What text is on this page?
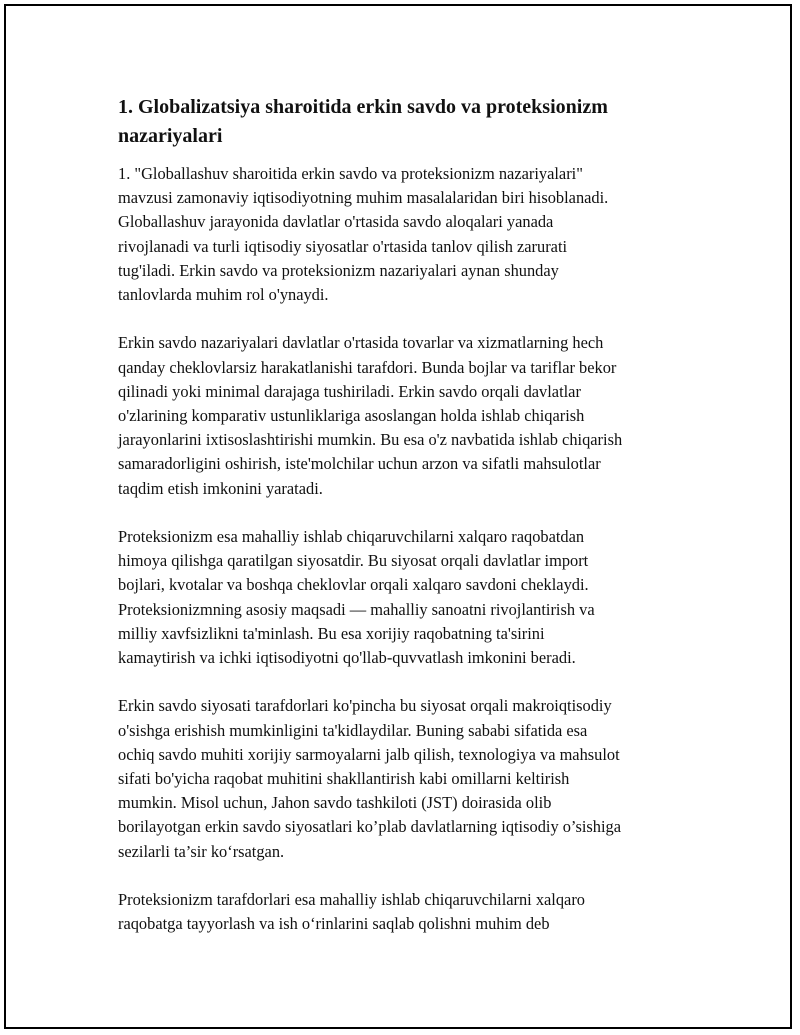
1. Globalizatsiya sharoitida erkin savdo va proteksionizm
nazariyalari

1. "Globallashuv sharoitida erkin savdo va proteksionizm nazariyalari"
mavzusi zamonaviy iqtisodiyotning muhim masalalaridan biri hisoblanadi.
Globallashuv jarayonida davlatlar o'rtasida savdo aloqalari yanada
rivojlanadi va turli iqtisodiy siyosatlar o'rtasida tanlov qilish zarurati
tug'iladi. Erkin savdo va proteksionizm nazariyalari aynan shunday
tanlovlarda muhim rol o'ynaydi.

Erkin savdo nazariyalari davlatlar o'rtasida tovarlar va xizmatlarning hech
qanday cheklovlarsiz harakatlanishi tarafdori. Bunda bojlar va tariflar bekor
qilinadi yoki minimal darajaga tushiriladi. Erkin savdo orqali davlatlar
o'zlarining komparativ ustunliklariga asoslangan holda ishlab chiqarish
jarayonlarini ixtisoslashtirishi mumkin. Bu esa o'z navbatida ishlab chiqarish
samaradorligini oshirish, iste'molchilar uchun arzon va sifatli mahsulotlar
taqdim etish imkonini yaratadi.

Proteksionizm esa mahalliy ishlab chiqaruvchilarni xalqaro raqobatdan
himoya qilishga qaratilgan siyosatdir. Bu siyosat orqali davlatlar import
bojlari, kvotalar va boshqa cheklovlar orqali xalqaro savdoni cheklaydi.
Proteksionizmning asosiy maqsadi — mahalliy sanoatni rivojlantirish va
milliy xavfsizlikni ta'minlash. Bu esa xorijiy raqobatning ta'sirini
kamaytirish va ichki iqtisodiyotni qo'llab-quvvatlash imkonini beradi.

Erkin savdo siyosati tarafdorlari ko'pincha bu siyosat orqali makroiqtisodiy
o'sishga erishish mumkinligini ta'kidlaydilar. Buning sababi sifatida esa
ochiq savdo muhiti xorijiy sarmoyalarni jalb qilish, texnologiya va mahsulot
sifati bo'yicha raqobat muhitini shakllantirish kabi omillarni keltirish
mumkin. Misol uchun, Jahon savdo tashkiloti (JST) doirasida olib
borilayotgan erkin savdo siyosatlari ko’plab davlatlarning iqtisodiy o’sishiga
sezilarli ta’sir ko‘rsatgan.

Proteksionizm tarafdorlari esa mahalliy ishlab chiqaruvchilarni xalqaro
raqobatga tayyorlash va ish o‘rinlarini saqlab qolishni muhim deb
